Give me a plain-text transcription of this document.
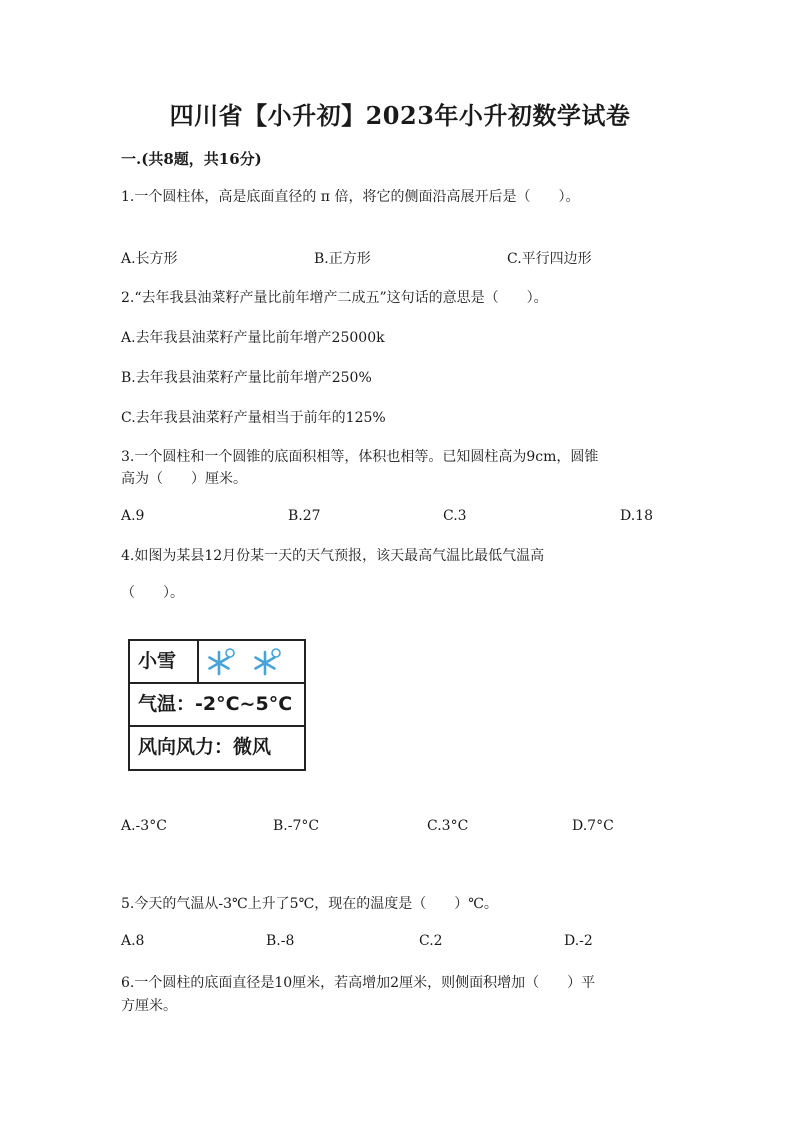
四川省【小升初】2023年小升初数学试卷
一.(共8题，共16分)
1.一个圆柱体，高是底面直径的 π 倍，将它的侧面沿高展开后是（　　）。
A.长方形	B.正方形	C.平行四边形
2.“去年我县油菜籽产量比前年增产二成五”这句话的意思是（　　）。
A.去年我县油菜籽产量比前年增产25000k
B.去年我县油菜籽产量比前年增产250%
C.去年我县油菜籽产量相当于前年的125%
3.一个圆柱和一个圆锥的底面积相等，体积也相等。已知圆柱高为9cm，圆锥
高为（　　）厘米。
A.9	B.27	C.3	D.18
4.如图为某县12月份某一天的天气预报，该天最高气温比最低气温高
（　　）。
小雪
气温：-2°C~5°C
风向风力：微风
A.-3°C	B.-7°C	C.3°C	D.7°C
5.今天的气温从-3℃上升了5℃，现在的温度是（　　）℃。
A.8	B.-8	C.2	D.-2
6.一个圆柱的底面直径是10厘米，若高增加2厘米，则侧面积增加（　　）平
方厘米。
